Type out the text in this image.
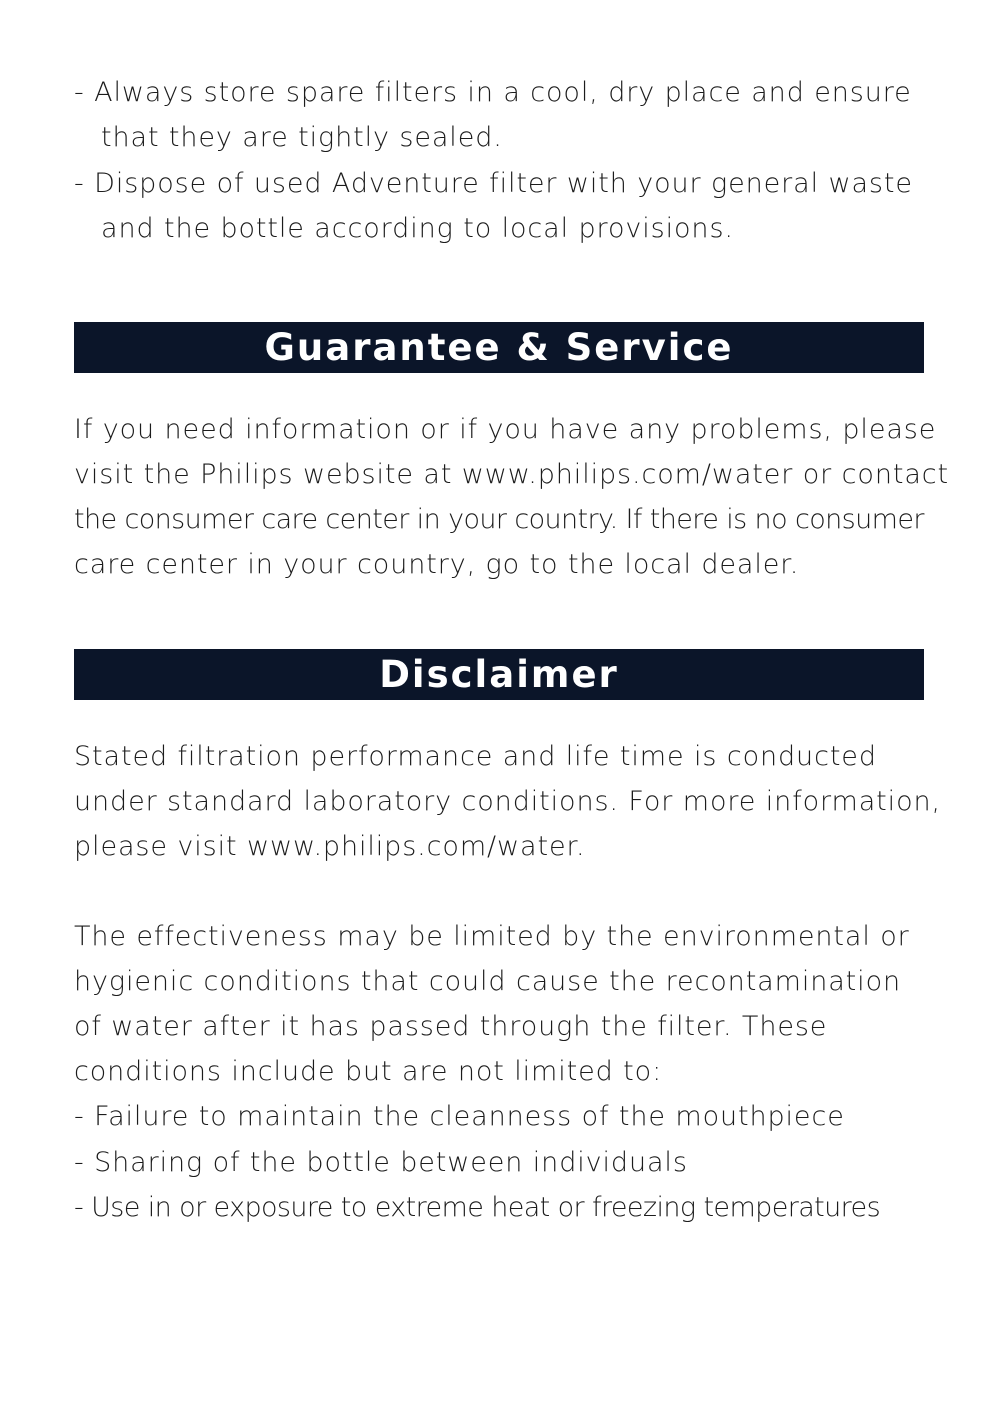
- Always store spare filters in a cool, dry place and ensure
that they are tightly sealed.
- Dispose of used Adventure filter with your general waste
and the bottle according to local provisions.
Guarantee & Service
If you need information or if you have any problems, please
visit the Philips website at www.philips.com/water or contact
the consumer care center in your country. If there is no consumer
care center in your country, go to the local dealer.
Disclaimer
Stated filtration performance and life time is conducted
under standard laboratory conditions. For more information,
please visit www.philips.com/water.
The effectiveness may be limited by the environmental or
hygienic conditions that could cause the recontamination
of water after it has passed through the filter. These
conditions include but are not limited to:
- Failure to maintain the cleanness of the mouthpiece
- Sharing of the bottle between individuals
- Use in or exposure to extreme heat or freezing temperatures
